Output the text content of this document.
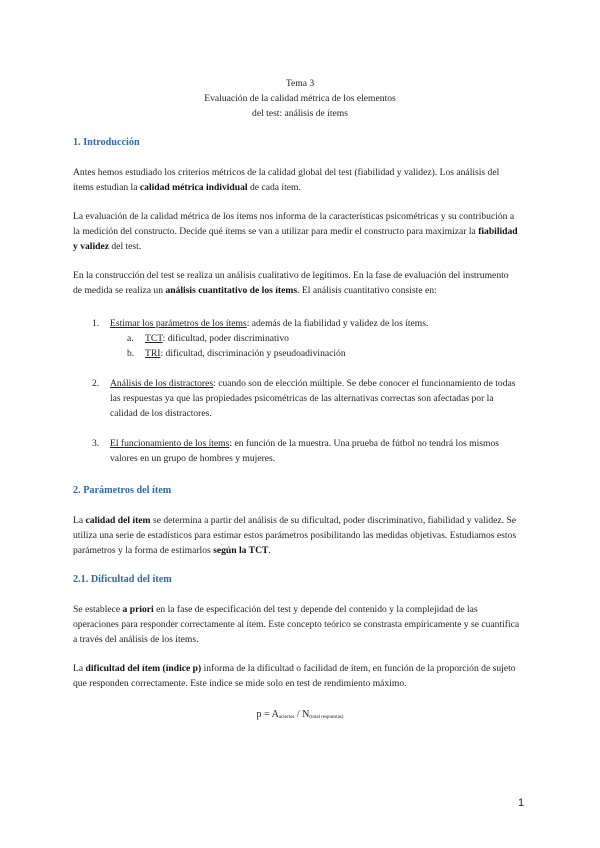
Tema 3
Evaluación de la calidad métrica de los elementos
del test: análisis de ítems
1. Introducción

Antes hemos estudiado los criterios métricos de la calidad global del test (fiabilidad y validez). Los análisis del ítems estudian la calidad métrica individual de cada ítem.

La evaluación de la calidad métrica de los ítems nos informa de la características psicométricas y su contribución a la medición del constructo. Decide qué ítems se van a utilizar para medir el constructo para maximizar la fiabilidad y validez del test.

En la construcción del test se realiza un análisis cualitativo de legítimos. En la fase de evaluación del instrumento de medida se realiza un análisis cuantitativo de los ítems. El análisis cuantitativo consiste en:

1. Estimar los parámetros de los ítems: además de la fiabilidad y validez de los ítems.

a. TCT: dificultad, poder discriminativo
b. TRI: dificultad, discriminación y pseudoadivinación
2. Análisis de los distractores: cuando son de elección múltiple. Se debe conocer el funcionamiento de todas las respuestas ya que las propiedades psicométricas de las alternativas correctas son afectadas por la calidad de los distractores.

3. El funcionamiento de los ítems: en función de la muestra. Una prueba de fútbol no tendrá los mismos valores en un grupo de hombres y mujeres.

2. Parámetros del ítem

La calidad del ítem se determina a partir del análisis de su dificultad, poder discriminativo, fiabilidad y validez. Se utiliza una serie de estadísticos para estimar estos parámetros posibilitando las medidas objetivas. Estudiamos estos parámetros y la forma de estimarlos según la TCT.

2.1. Dificultad del ítem

Se establece a priori en la fase de especificación del test y depende del contenido y la complejidad de las operaciones para responder correctamente al ítem. Este concepto teórico se constrasta empíricamente y se cuantifica a través del análisis de los ítems.

La dificultad del ítem (índice p) informa de la dificultad o facilidad de ítem, en función de la proporción de sujeto que responden correctamente. Este índice se mide solo en test de rendimiento máximo.

$p = A_{aciertos} / N_{(total respuestas)}$
1
